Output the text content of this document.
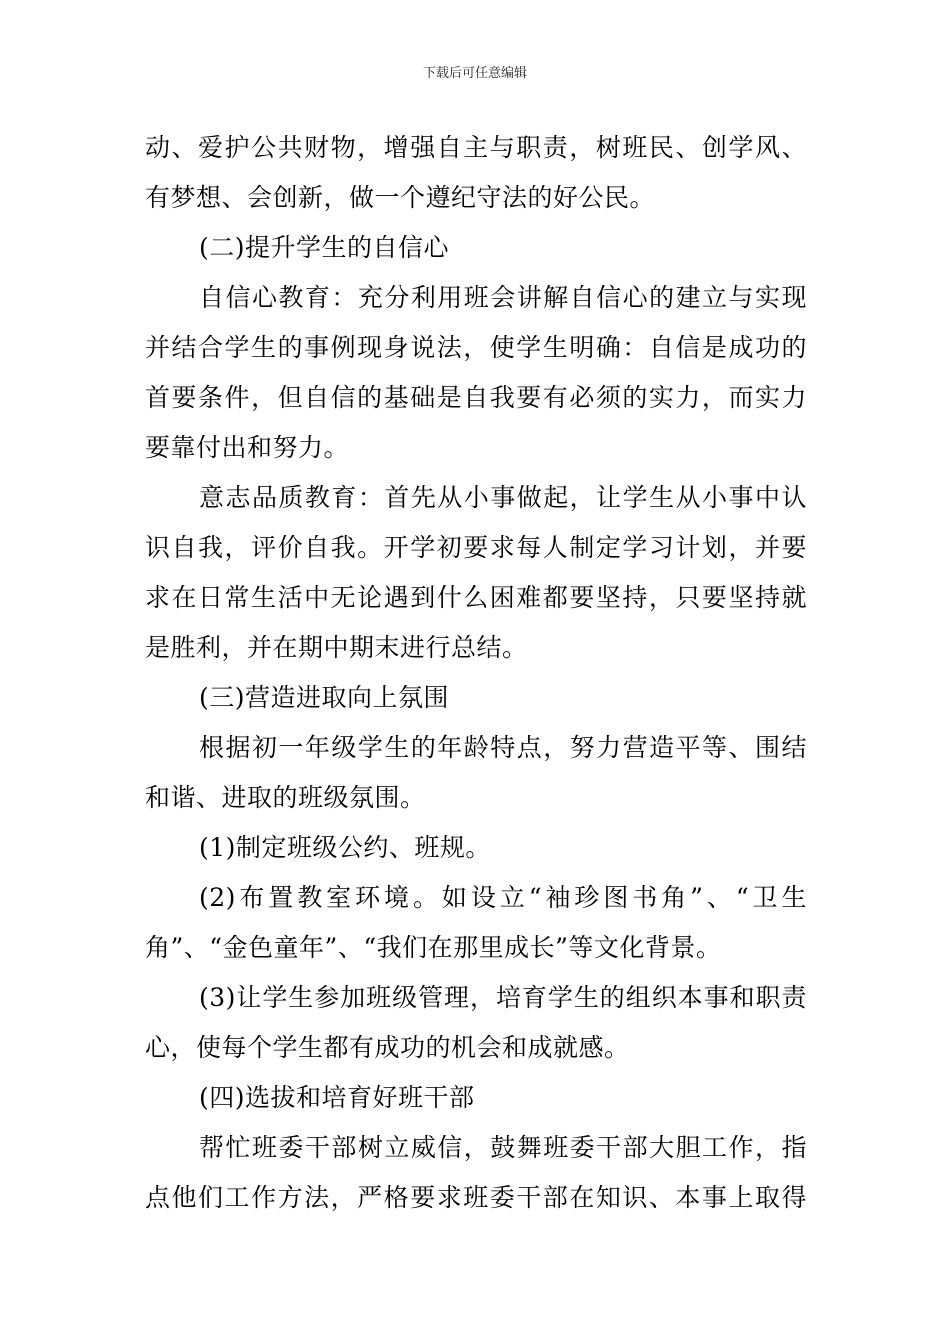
下载后可任意编辑
动、爱护公共财物，增强自主与职责，树班民、创学风、
有梦想、会创新，做一个遵纪守法的好公民。
(二)提升学生的自信心
自信心教育：充分利用班会讲解自信心的建立与实现
并结合学生的事例现身说法，使学生明确：自信是成功的
首要条件，但自信的基础是自我要有必须的实力，而实力
要靠付出和努力。
意志品质教育：首先从小事做起，让学生从小事中认
识自我，评价自我。开学初要求每人制定学习计划，并要
求在日常生活中无论遇到什么困难都要坚持，只要坚持就
是胜利，并在期中期末进行总结。
(三)营造进取向上氛围
根据初一年级学生的年龄特点，努力营造平等、围结
和谐、进取的班级氛围。
(1)制定班级公约、班规。
(2)布置教室环境。如设立“袖珍图书角”、“卫生
角”、“金色童年”、“我们在那里成长”等文化背景。
(3)让学生参加班级管理，培育学生的组织本事和职责
心，使每个学生都有成功的机会和成就感。
(四)选拔和培育好班干部
帮忙班委干部树立威信，鼓舞班委干部大胆工作，指
点他们工作方法，严格要求班委干部在知识、本事上取得
